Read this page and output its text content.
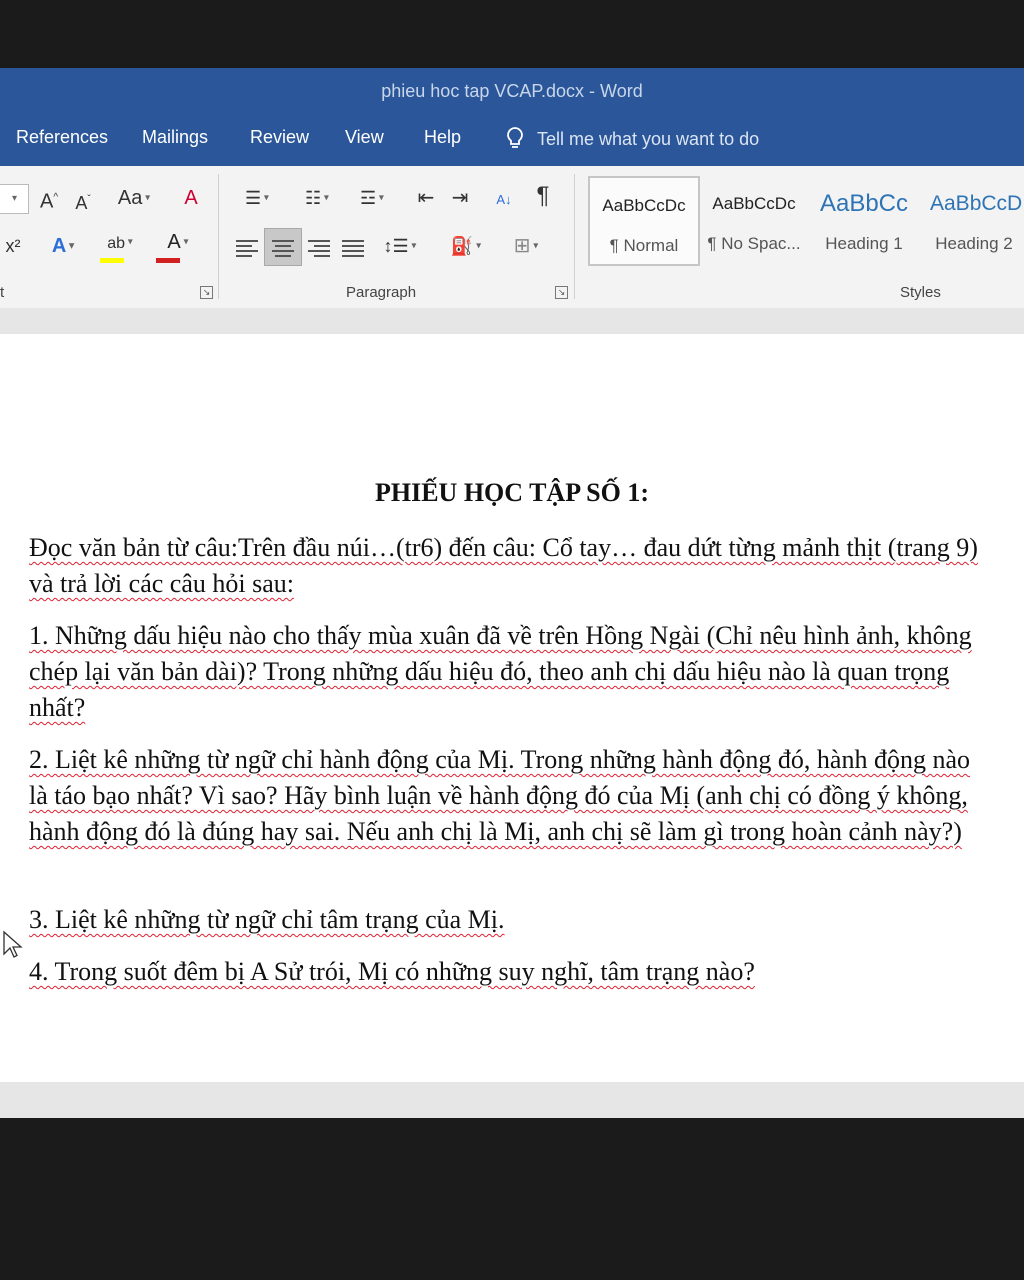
phieu hoc tap VCAP.docx - Word
References Mailings Review View Help	Tell me what you want to do
▾ A^ $A^ˇ$ Aa ▾	A
x²	A ▾	ab ▾	A ▾
t	↘
☰ ▾	☷ ▾	☲ ▾	⇤ ⇥	A↓ ¶
↕☰ ▾	⛽ ▾	⊞ ▾
Paragraph	↘
AaBbCcDc
¶ Normal
AaBbCcDc
¶ No Spac...
AaBbCc
Heading 1
AaBbCcD
Heading 2
Styles
PHIẾU HỌC TẬP SỐ 1:
Đọc văn bản từ câu:Trên đầu núi…(tr6) đến câu: Cổ tay… đau dứt từng mảnh thịt (trang 9) và trả lời các câu hỏi sau:
1. Những dấu hiệu nào cho thấy mùa xuân đã về trên Hồng Ngài (Chỉ nêu hình ảnh, không chép lại văn bản dài)? Trong những dấu hiệu đó, theo anh chị dấu hiệu nào là quan trọng nhất?
2. Liệt kê những từ ngữ chỉ hành động của Mị. Trong những hành động đó, hành động nào là táo bạo nhất? Vì sao? Hãy bình luận về hành động đó của Mị (anh chị có đồng ý không, hành động đó là đúng hay sai. Nếu anh chị là Mị, anh chị sẽ làm gì trong hoàn cảnh này?)
3. Liệt kê những từ ngữ chỉ tâm trạng của Mị.
4. Trong suốt đêm bị A Sử trói, Mị có những suy nghĩ, tâm trạng nào?
